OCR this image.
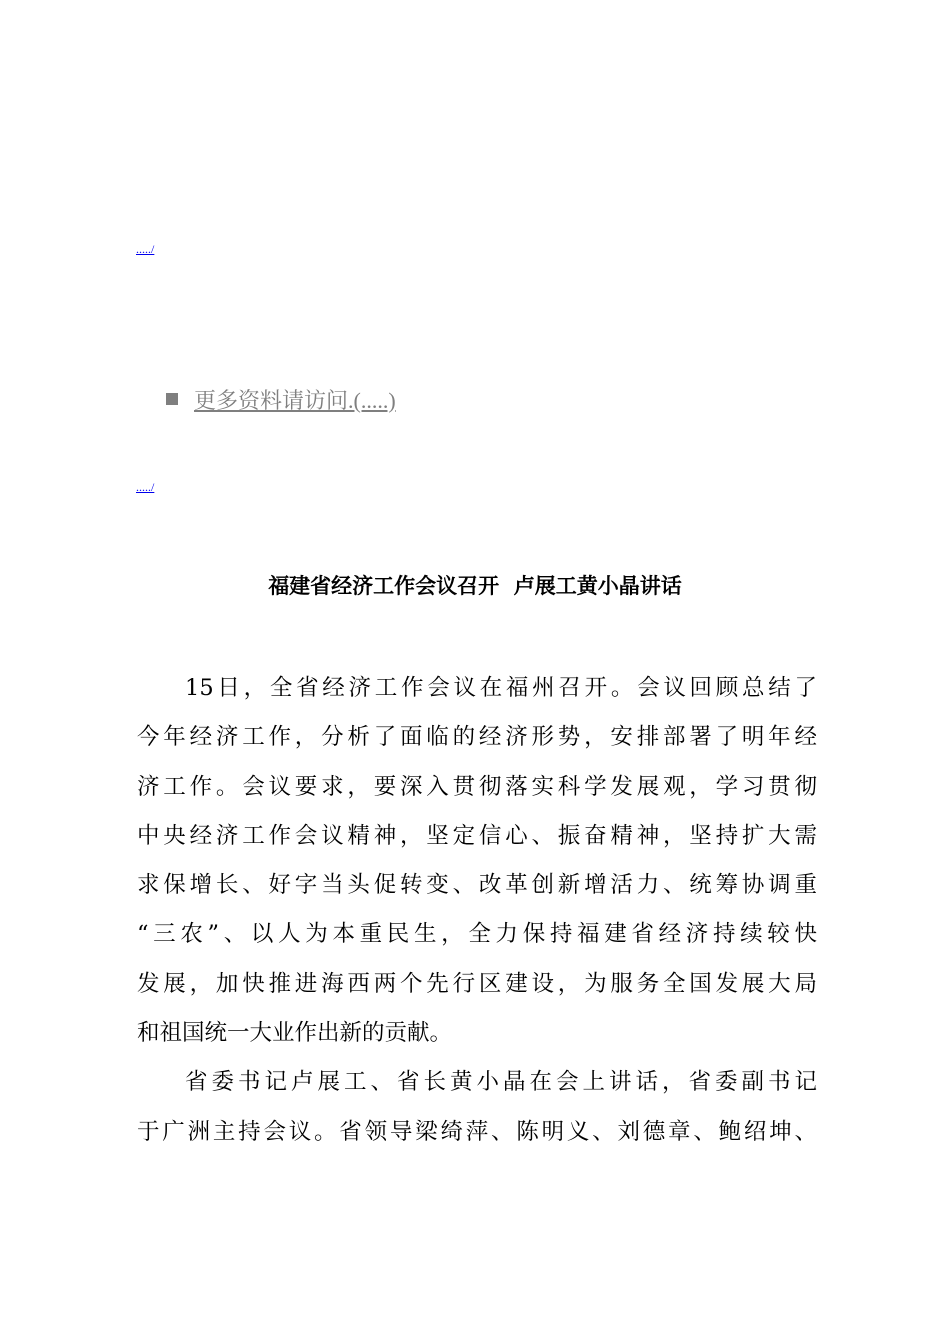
...../
更多资料请访问.(.....)
...../
福建省经济工作会议召开  卢展工黄小晶讲话
15日，全省经济工作会议在福州召开。会议回顾总结了
今年经济工作，分析了面临的经济形势，安排部署了明年经
济工作。会议要求，要深入贯彻落实科学发展观，学习贯彻
中央经济工作会议精神，坚定信心、振奋精神，坚持扩大需
求保增长、好字当头促转变、改革创新增活力、统筹协调重
“三农”、以人为本重民生，全力保持福建省经济持续较快
发展，加快推进海西两个先行区建设，为服务全国发展大局
和祖国统一大业作出新的贡献。
省委书记卢展工、省长黄小晶在会上讲话，省委副书记
于广洲主持会议。省领导梁绮萍、陈明义、刘德章、鲍绍坤、
